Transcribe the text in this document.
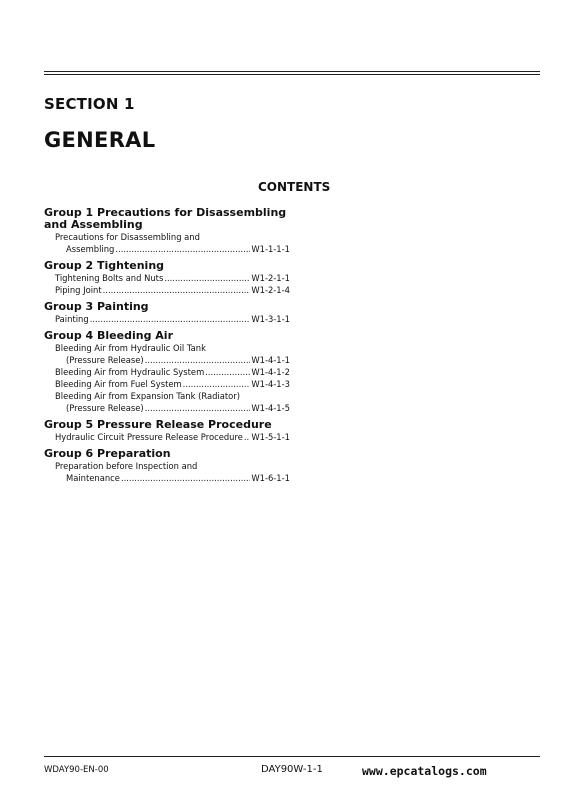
SECTION 1
GENERAL
CONTENTS
Group 1 Precautions for Disassembling and Assembling
Precautions for Disassembling and
Assembling .....	W1-1-1-1
Group 2 Tightening
Tightening Bolts and Nuts .....	W1-2-1-1
Piping Joint .....	W1-2-1-4
Group 3 Painting
Painting .....	W1-3-1-1
Group 4 Bleeding Air
Bleeding Air from Hydraulic Oil Tank
(Pressure Release) .....	W1-4-1-1
Bleeding Air from Hydraulic System .....	W1-4-1-2
Bleeding Air from Fuel System .....	W1-4-1-3
Bleeding Air from Expansion Tank (Radiator)
(Pressure Release) .....	W1-4-1-5
Group 5 Pressure Release Procedure
Hydraulic Circuit Pressure Release Procedure ..... W1-5-1-1
Group 6 Preparation
Preparation before Inspection and
Maintenance .....	W1-6-1-1
WDAY90-EN-00	DAY90W-1-1	www.epcatalogs.com
